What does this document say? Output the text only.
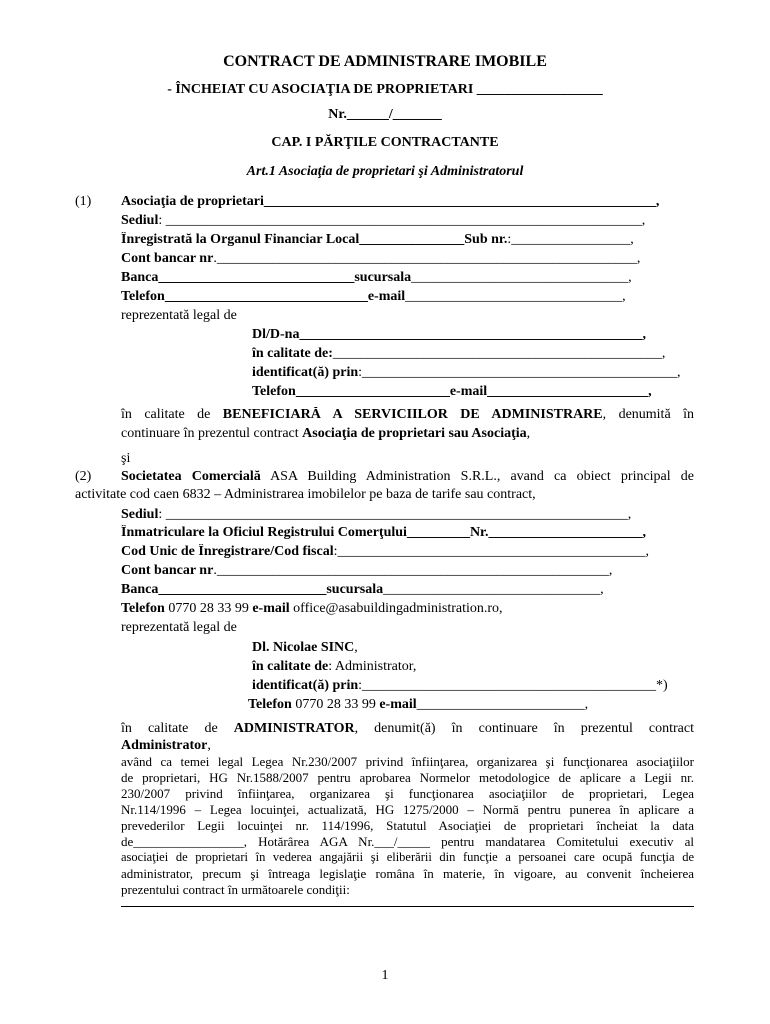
CONTRACT DE ADMINISTRARE IMOBILE
- ÎNCHEIAT CU ASOCIAŢIA DE PROPRIETARI __________________
Nr.______/_______
CAP. I PĂRŢILE CONTRACTANTE
Art.1 Asociaţia de proprietari şi Administratorul
(1) Asociaţia de proprietari________________________________________________________,
Sediul: ____________________________________________________________________,
Înregistrată la Organul Financiar Local_______________Sub nr.:_________________,
Cont bancar nr.____________________________________________________________,
Banca____________________________sucursala_______________________________,
Telefon_____________________________e-mail_______________________________,
reprezentată legal de
Dl/D-na_________________________________________________,
în calitate de:_______________________________________________,
identificat(ă) prin:_____________________________________________,
Telefon______________________e-mail_______________________,
în calitate de BENEFICIARĂ A SERVICIILOR DE ADMINISTRARE, denumită în
continuare în prezentul contract Asociaţia de proprietari sau Asociaţia,
şi
(2) Societatea Comercială ASA Building Administration S.R.L., avand ca obiect principal de
activitate cod caen 6832 – Administrarea imobilelor pe baza de tarife sau contract,
Sediul: __________________________________________________________________,
Înmatriculare la Oficiul Registrului Comerţului_________Nr.______________________,
Cod Unic de Înregistrare/Cod fiscal:____________________________________________,
Cont bancar nr.________________________________________________________,
Banca________________________sucursala_______________________________,
Telefon 0770 28 33 99 e-mail office@asabuildingadministration.ro,
reprezentată legal de
Dl. Nicolae SINC,
în calitate de: Administrator,
identificat(ă) prin:__________________________________________*)
Telefon 0770 28 33 99 e-mail________________________,
în calitate de ADMINISTRATOR, denumit(ă) în continuare în prezentul contract
Administrator,
având ca temei legal Legea Nr.230/2007 privind înfiinţarea, organizarea şi funcţionarea asociaţiilor
de proprietari, HG Nr.1588/2007 pentru aprobarea Normelor metodologice de aplicare a Legii nr.
230/2007 privind înfiinţarea, organizarea şi funcţionarea asociaţiilor de proprietari, Legea
Nr.114/1996 – Legea locuinţei, actualizată, HG 1275/2000 – Normă pentru punerea în aplicare a
prevederilor Legii locuinţei nr. 114/1996, Statutul Asociaţiei de proprietari încheiat la data
de_________________, Hotărârea AGA Nr.___/_____ pentru mandatarea Comitetului executiv al
asociaţiei de proprietari în vederea angajării şi eliberării din funcţie a persoanei care ocupă funcţia de
administrator, precum şi întreaga legislaţie româna în materie, în vigoare, au convenit încheierea
prezentului contract în următoarele condiţii:
1
